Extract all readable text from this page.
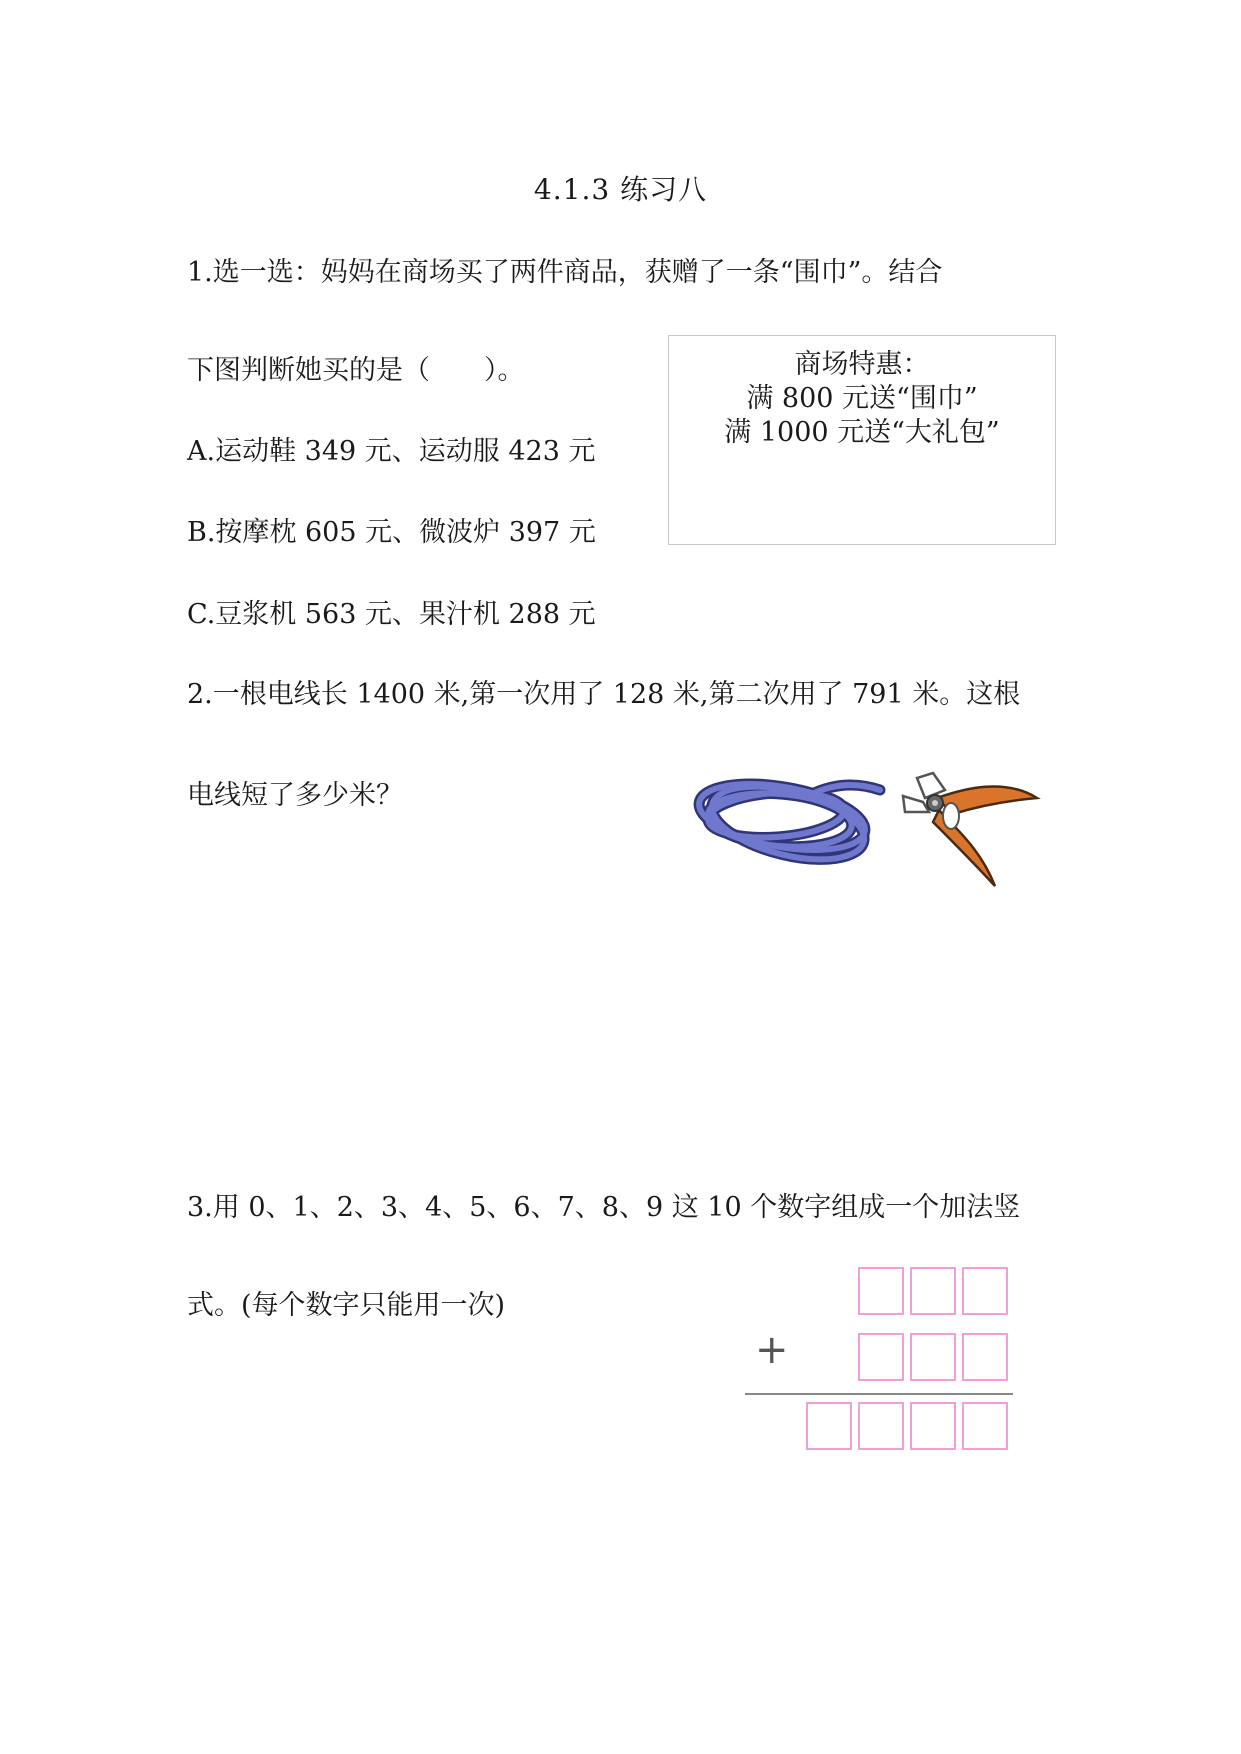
4.1.3 练习八
1.选一选：妈妈在商场买了两件商品，获赠了一条“围巾”。结合
下图判断她买的是（　　）。
A.运动鞋 349 元、运动服 423 元
B.按摩枕 605 元、微波炉 397 元
C.豆浆机 563 元、果汁机 288 元
商场特惠：
满 800 元送“围巾”
满 1000 元送“大礼包”
2.一根电线长 1400 米,第一次用了 128 米,第二次用了 791 米。这根
电线短了多少米？
3.用 0、1、2、3、4、5、6、7、8、9 这 10 个数字组成一个加法竖
式。(每个数字只能用一次)
+
